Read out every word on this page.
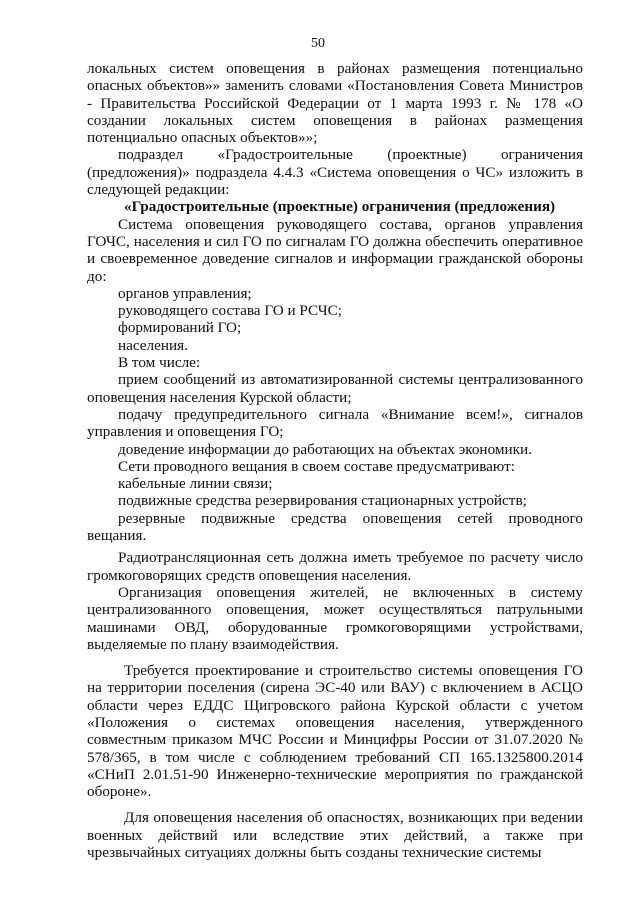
50

локальных систем оповещения в районах размещения потенциально опасных объектов»» заменить словами «Постановления Совета Министров - Правительства Российской Федерации от 1 марта 1993 г. № 178 «О создании локальных систем оповещения в районах размещения потенциально опасных объектов»»;

подраздел «Градостроительные (проектные) ограничения (предложения)» подраздела 4.4.3 «Система оповещения о ЧС» изложить в следующей редакции:

«Градостроительные (проектные) ограничения (предложения)

Система оповещения руководящего состава, органов управления ГОЧС, населения и сил ГО по сигналам ГО должна обеспечить оперативное и своевременное доведение сигналов и информации гражданской обороны до:

органов управления;

руководящего состава ГО и РСЧС;

формирований ГО;

населения.

В том числе:

прием сообщений из автоматизированной системы централизованного оповещения населения Курской области;

подачу предупредительного сигнала «Внимание всем!», сигналов управления и оповещения ГО;

доведение информации до работающих на объектах экономики.

Сети проводного вещания в своем составе предусматривают:

кабельные линии связи;

подвижные средства резервирования стационарных устройств;

резервные подвижные средства оповещения сетей проводного вещания.

Радиотрансляционная сеть должна иметь требуемое по расчету число громкоговорящих средств оповещения населения.

Организация оповещения жителей, не включенных в систему централизованного оповещения, может осуществляться патрульными машинами ОВД, оборудованные громкоговорящими устройствами, выделяемые по плану взаимодействия.

Требуется проектирование и строительство системы оповещения ГО на территории поселения (сирена ЭС-40 или ВАУ) с включением в АСЦО области через ЕДДС Щигровского района Курской области с учетом «Положения о системах оповещения населения, утвержденного совместным приказом МЧС России и Минцифры России от 31.07.2020 № 578/365, в том числе с соблюдением требований СП 165.1325800.2014 «СНиП 2.01.51-90 Инженерно-технические мероприятия по гражданской обороне».

Для оповещения населения об опасностях, возникающих при ведении военных действий или вследствие этих действий, а также при чрезвычайных ситуациях должны быть созданы технические системы
